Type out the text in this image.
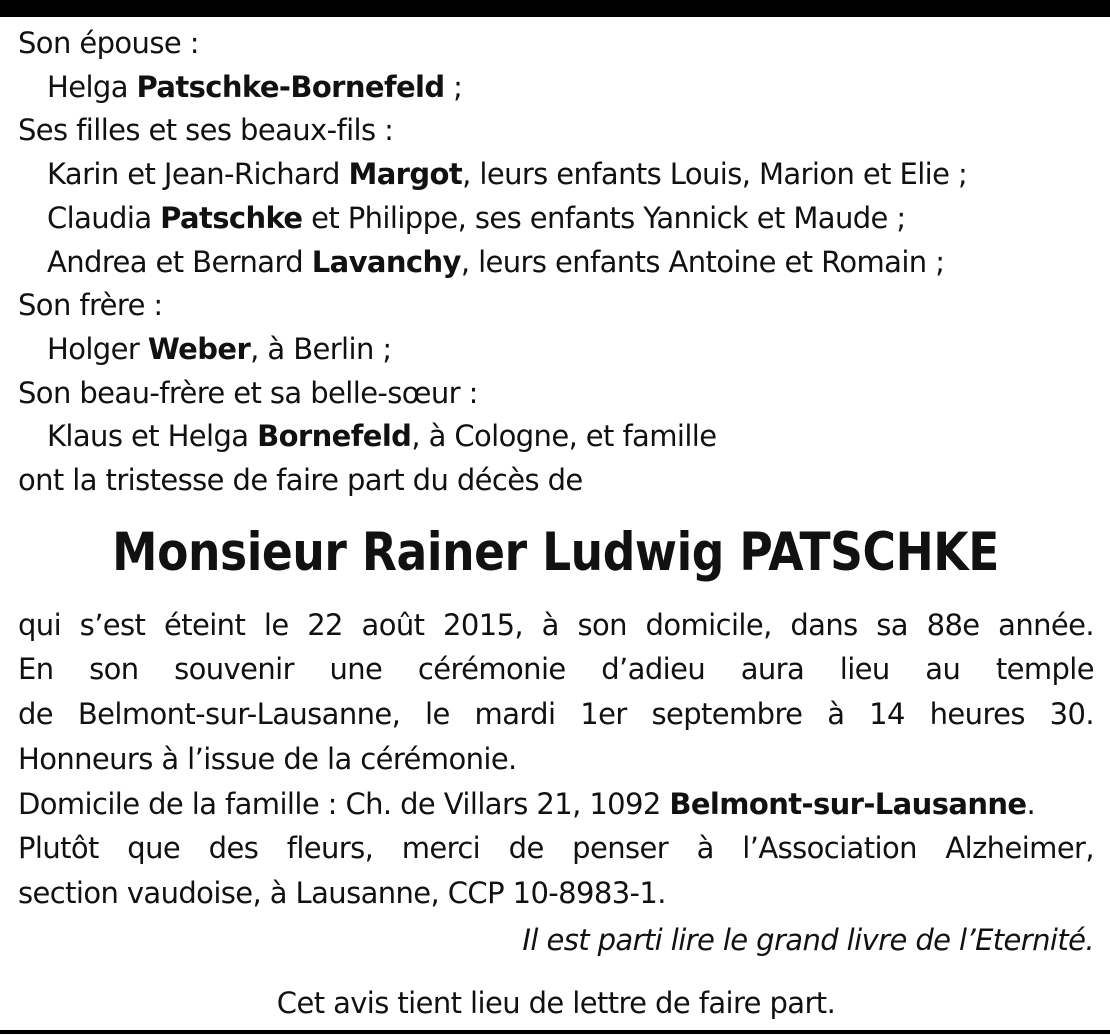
Son épouse :
Helga Patschke-Bornefeld ;
Ses filles et ses beaux-fils :
Karin et Jean-Richard Margot, leurs enfants Louis, Marion et Elie ;
Claudia Patschke et Philippe, ses enfants Yannick et Maude ;
Andrea et Bernard Lavanchy, leurs enfants Antoine et Romain ;
Son frère :
Holger Weber, à Berlin ;
Son beau-frère et sa belle-sœur :
Klaus et Helga Bornefeld, à Cologne, et famille
ont la tristesse de faire part du décès de
Monsieur Rainer Ludwig PATSCHKE
qui s’est éteint le 22 août 2015, à son domicile, dans sa 88e année.
En son souvenir une cérémonie d’adieu aura lieu au temple
de Belmont-sur-Lausanne, le mardi 1er septembre à 14 heures 30.
Honneurs à l’issue de la cérémonie.
Domicile de la famille : Ch. de Villars 21, 1092 Belmont-sur-Lausanne.
Plutôt que des fleurs, merci de penser à l’Association Alzheimer,
section vaudoise, à Lausanne, CCP 10-8983-1.
Il est parti lire le grand livre de l’Eternité.
Cet avis tient lieu de lettre de faire part.
